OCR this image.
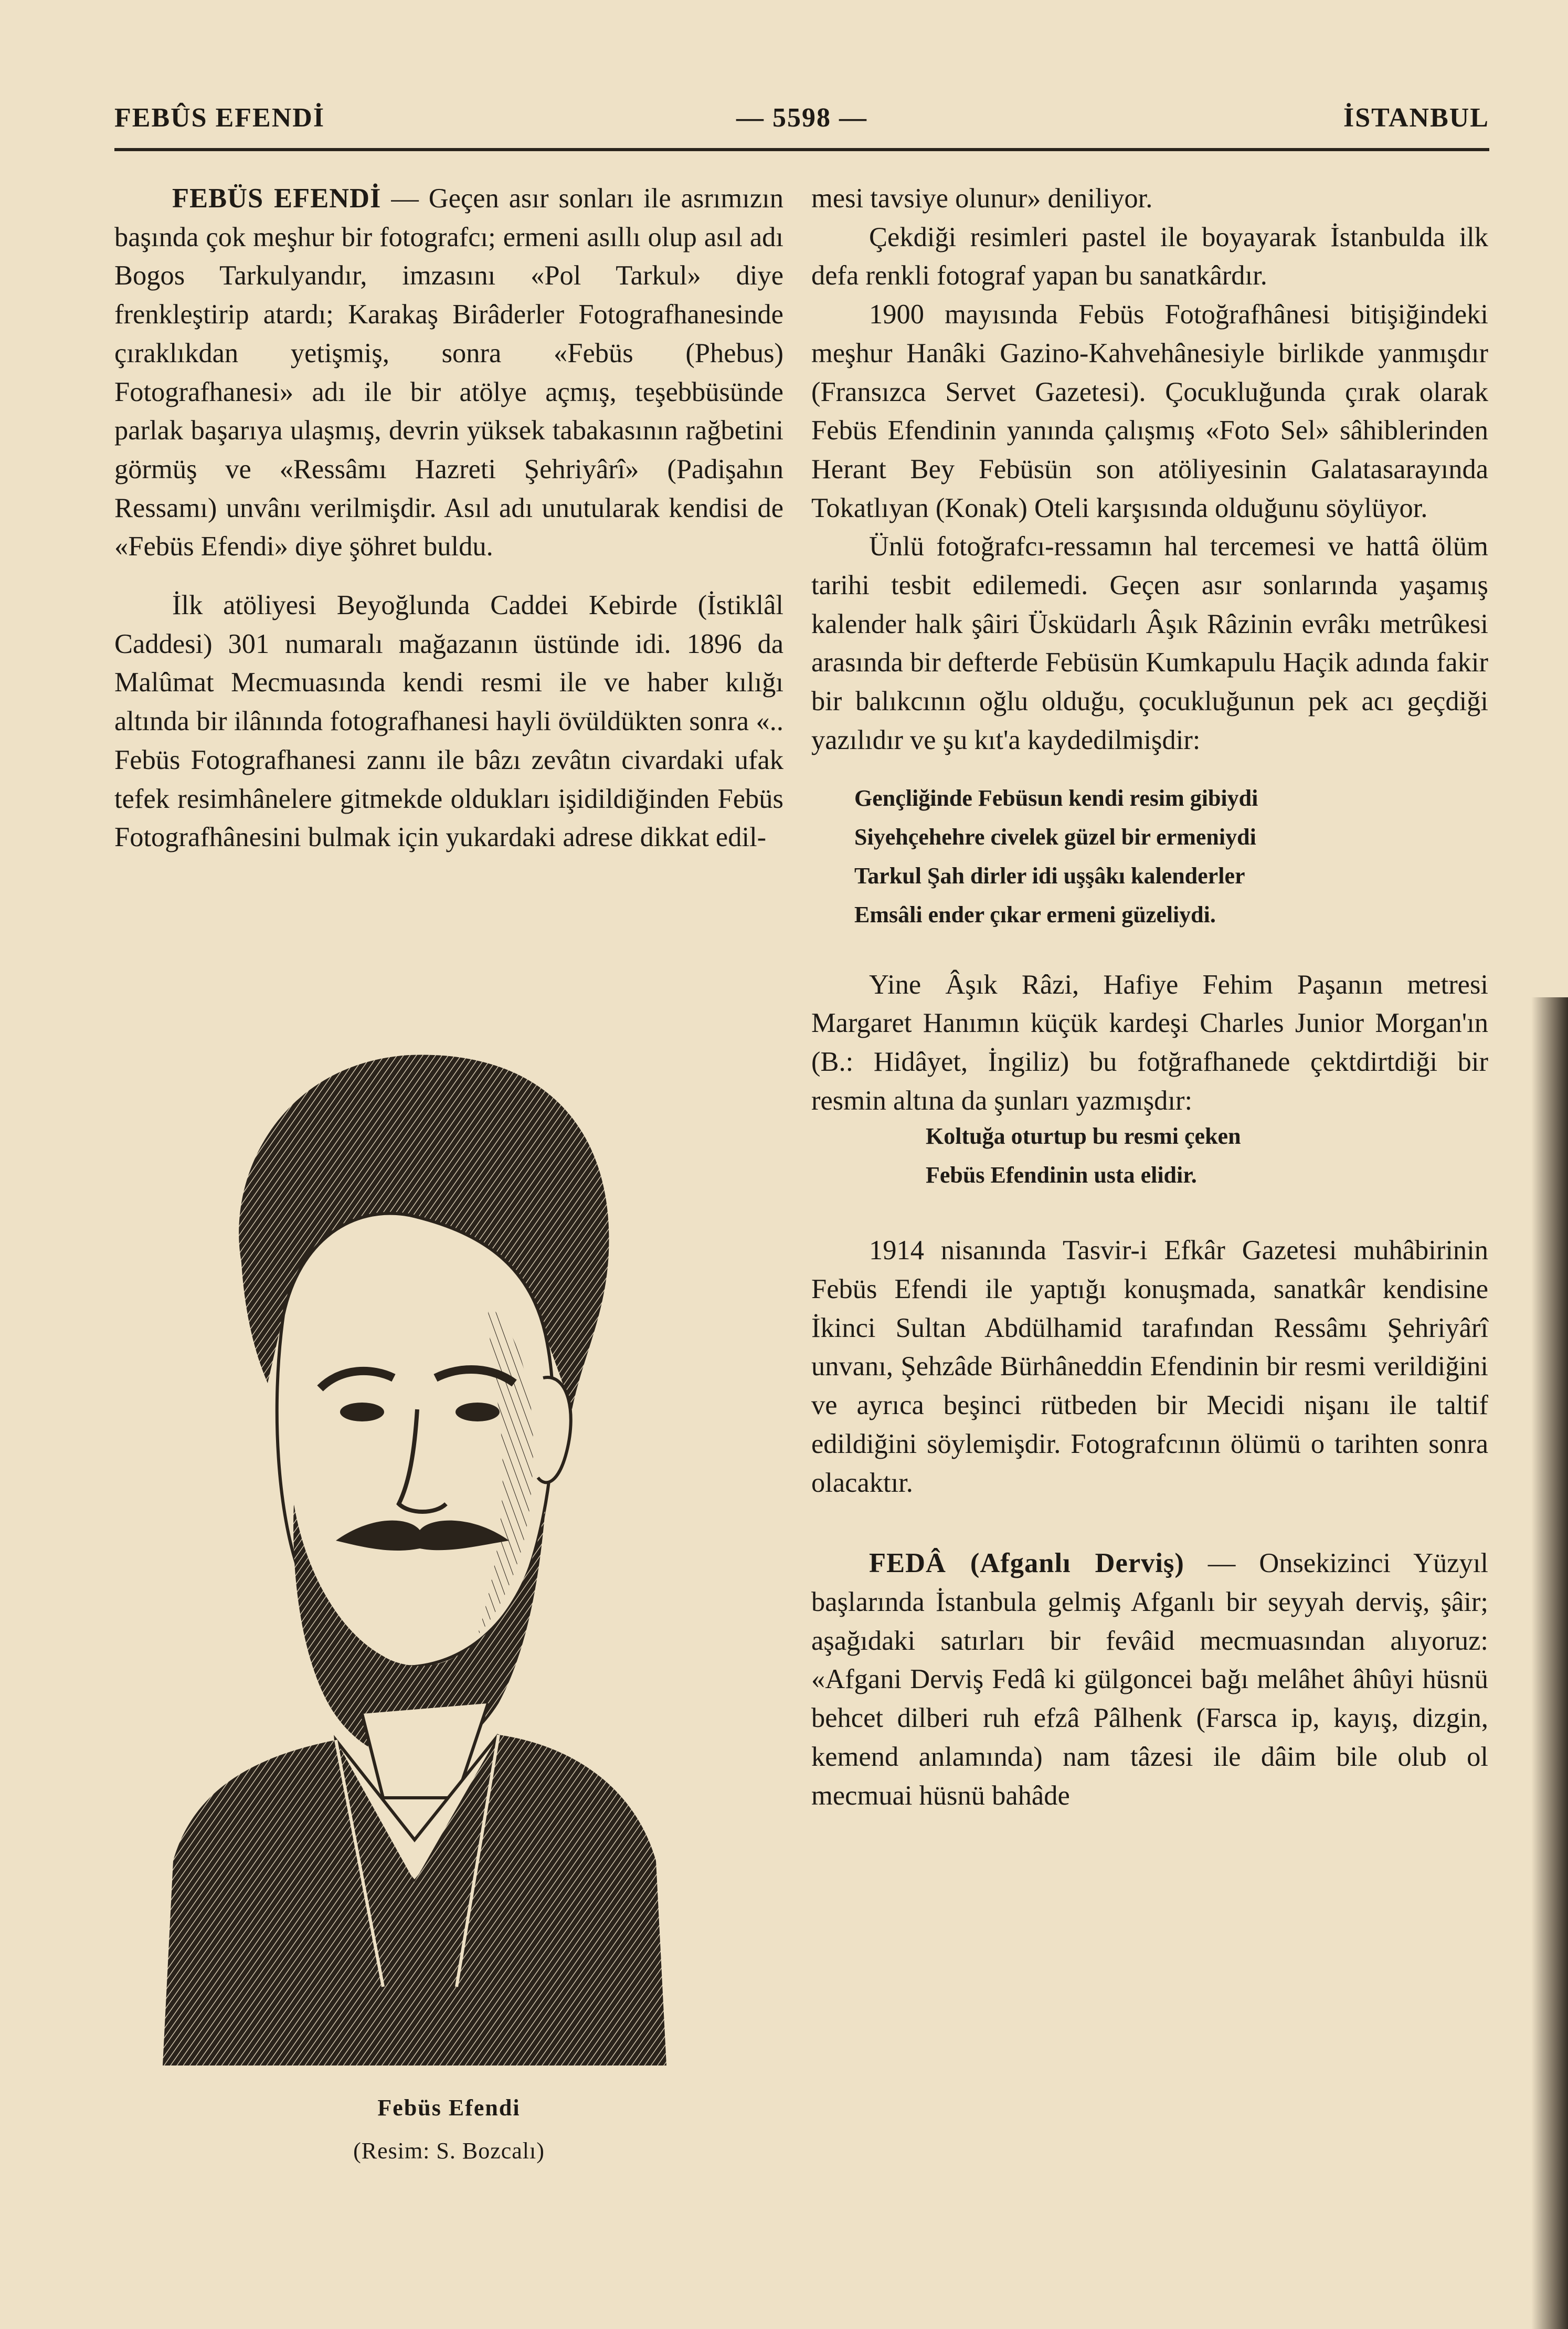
FEBÛS EFENDİ	— 5598 —	İSTANBUL

FEBÜS EFENDİ — Geçen asır sonları ile asrımızın başında çok meşhur bir fotografcı; ermeni asıllı olup asıl adı Bogos Tarkulyandır, imzasını «Pol Tarkul» diye frenkleştirip atardı; Karakaş Birâderler Fotografhanesinde çıraklıkdan yetişmiş, sonra «Febüs (Phebus) Fotografhanesi» adı ile bir atölye açmış, teşebbüsünde parlak başarıya ulaşmış, devrin yüksek tabakasının rağbetini görmüş ve «Ressâmı Hazreti Şehriyârî» (Padişahın Ressamı) unvânı verilmişdir. Asıl adı unutularak kendisi de «Febüs Efendi» diye şöhret buldu.

İlk atöliyesi Beyoğlunda Caddei Kebirde (İstiklâl Caddesi) 301 numaralı mağazanın üstünde idi. 1896 da Malûmat Mecmuasında kendi resmi ile ve haber kılığı altında bir ilânında fotografhanesi hayli övüldükten sonra «.. Febüs Fotografhanesi zannı ile bâzı zevâtın civardaki ufak tefek resimhânelere gitmekde oldukları işidildiğinden Febüs Fotografhânesini bulmak için yukardaki adrese dikkat edil-

Febüs Efendi
(Resim: S. Bozcalı)

mesi tavsiye olunur» deniliyor.

Çekdiği resimleri pastel ile boyayarak İstanbulda ilk defa renkli fotograf yapan bu sanatkârdır.

1900 mayısında Febüs Fotoğrafhânesi bitişiğindeki meşhur Hanâki Gazino-Kahvehânesiyle birlikde yanmışdır (Fransızca Servet Gazetesi). Çocukluğunda çırak olarak Febüs Efendinin yanında çalışmış «Foto Sel» sâhiblerinden Herant Bey Febüsün son atöliyesinin Galatasarayında Tokatlıyan (Konak) Oteli karşısında olduğunu söylüyor.

Ünlü fotoğrafcı-ressamın hal tercemesi ve hattâ ölüm tarihi tesbit edilemedi. Geçen asır sonlarında yaşamış kalender halk şâiri Üsküdarlı Âşık Râzinin evrâkı metrûkesi arasında bir defterde Febüsün Kumkapulu Haçik adında fakir bir balıkcının oğlu olduğu, çocukluğunun pek acı geçdiği yazılıdır ve şu kıt'a kaydedilmişdir:

Gençliğinde Febüsun kendi resim gibiydi
Siyehçehehre civelek güzel bir ermeniydi
Tarkul Şah dirler idi uşşâkı kalenderler
Emsâli ender çıkar ermeni güzeliydi.

Yine Âşık Râzi, Hafiye Fehim Paşanın metresi Margaret Hanımın küçük kardeşi Charles Junior Morgan'ın (B.: Hidâyet, İngiliz) bu fotğrafhanede çektdirtdiği bir resmin altına da şunları yazmışdır:

Koltuğa oturtup bu resmi çeken
Febüs Efendinin usta elidir.

1914 nisanında Tasvir-i Efkâr Gazetesi muhâbirinin Febüs Efendi ile yaptığı konuşmada, sanatkâr kendisine İkinci Sultan Abdülhamid tarafından Ressâmı Şehriyârî unvanı, Şehzâde Bürhâneddin Efendinin bir resmi verildiğini ve ayrıca beşinci rütbeden bir Mecidi nişanı ile taltif edildiğini söylemişdir. Fotografcının ölümü o tarihten sonra olacaktır.

FEDÂ (Afganlı Derviş) — Onsekizinci Yüzyıl başlarında İstanbula gelmiş Afganlı bir seyyah derviş, şâir; aşağıdaki satırları bir fevâid mecmuasından alıyoruz: «Afgani Derviş Fedâ ki gülgoncei bağı melâhet âhûyi hüsnü behcet dilberi ruh efzâ Pâlhenk (Farsca ip, kayış, dizgin, kemend anlamında) nam tâzesi ile dâim bile olub ol mecmuai hüsnü bahâde
